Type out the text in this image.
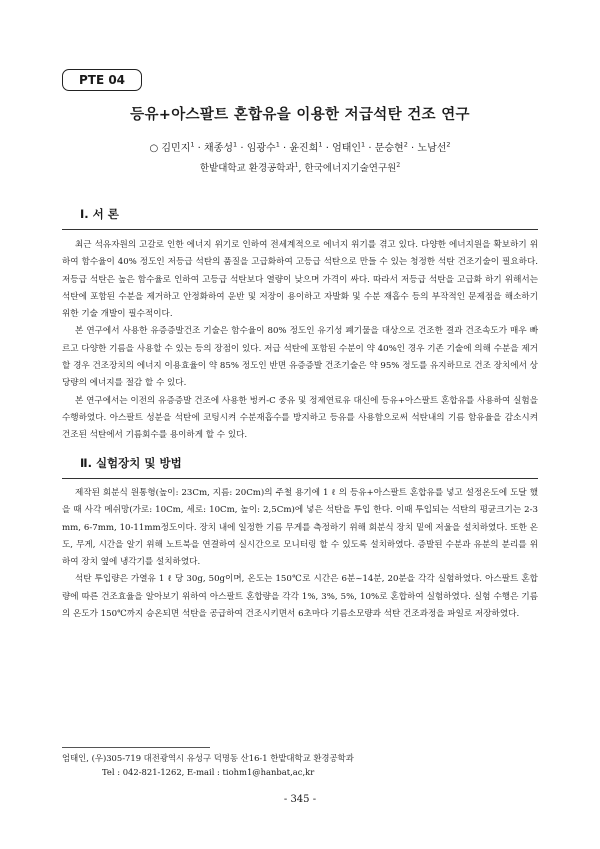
PTE 04
등유+아스팔트 혼합유을 이용한 저급석탄 건조 연구
○ 김민지$^1$ · 채종성$^1$ · 임광수$^1$ · 윤진희$^1$ · 엄태인$^1$ · 문승현$^2$ · 노남선$^2$
한밭대학교 환경공학과$^1$, 한국에너지기술연구원$^2$
Ⅰ. 서 론

최근 석유자원의 고갈로 인한 에너지 위기로 인하여 전세계적으로 에너지 위기를 겪고 있다. 다양한 에너지원을 확보하기 위하여 함수율이 40% 정도인 저등급 석탄의 품질을 고급화하여 고등급 석탄으로 만들 수 있는 청정한 석탄 건조기술이 필요하다. 저등급 석탄은 높은 함수율로 인하여 고등급 석탄보다 열량이 낮으며 가격이 싸다. 따라서 저등급 석탄을 고급화 하기 위해서는 석탄에 포함된 수분을 제거하고 안정화하여 운반 및 저장이 용이하고 자발화 및 수분 재흡수 등의 부작적인 문제점을 해소하기 위한 기술 개발이 필수적이다.

본 연구에서 사용한 유증증발건조 기술은 함수율이 80% 정도인 유기성 폐기물을 대상으로 건조한 결과 건조속도가 매우 빠르고 다양한 기름을 사용할 수 있는 등의 장점이 있다. 저급 석탄에 포함된 수분이 약 40%인 경우 기존 기술에 의해 수분을 제거할 경우 건조장치의 에너지 이용효율이 약 85% 정도인 반면 유증증발 건조기술은 약 95% 정도를 유지하므로 건조 장치에서 상당량의 에너지를 절감 할 수 있다.

본 연구에서는 이전의 유증증발 건조에 사용한 벙커-C 중유 및 정제연료유 대신에 등유+아스팔트 혼합유를 사용하여 실험을 수행하였다. 아스팔트 성분을 석탄에 코팅시켜 수분재흡수를 방지하고 등유를 사용함으로써 석탄내의 기름 함유율을 감소시켜 건조된 석탄에서 기름회수를 용이하게 할 수 있다.

Ⅱ. 실험장치 및 방법

제작된 회분식 원통형(높이: 23Cm, 지름: 20Cm)의 주철 용기에 1 ℓ 의 등유+아스팔트 혼합유를 넣고 설정온도에 도달 했을 때 사각 메쉬망(가로: 10Cm, 세로: 10Cm, 높이: 2,5Cm)에 넣은 석탄을 투입 한다. 이때 투입되는 석탄의 평균크기는 2-3mm, 6-7mm, 10-11mm정도이다. 장치 내에 일정한 기름 무게를 측정하기 위해 회분식 장치 밑에 저울을 설치하였다. 또한 온도, 무게, 시간을 알기 위해 노트북을 연결하여 실시간으로 모니터링 할 수 있도록 설치하였다. 증발된 수분과 유분의 분리를 위하여 장치 옆에 냉각기를 설치하였다.

석탄 투입량은 가열유 1 ℓ 당 30g, 50g이며, 온도는 150℃로 시간은 6분~14분, 20분을 각각 실험하였다. 아스팔트 혼합량에 따른 건조효율을 알아보기 위하여 아스팔트 혼합량을 각각 1%, 3%, 5%, 10%로 혼합하여 실험하였다. 실험 수행은 기름의 온도가 150℃까지 승온되면 석탄을 공급하여 건조시키면서 6초마다 기름소모량과 석탄 건조과정을 파일로 저장하였다.

엄태인, (우)305-719 대전광역시 유성구 덕명동 산16-1 한밭대학교 환경공학과
Tel : 042-821-1262, E-mail : tiohm1@hanbat,ac,kr
- 345 -
